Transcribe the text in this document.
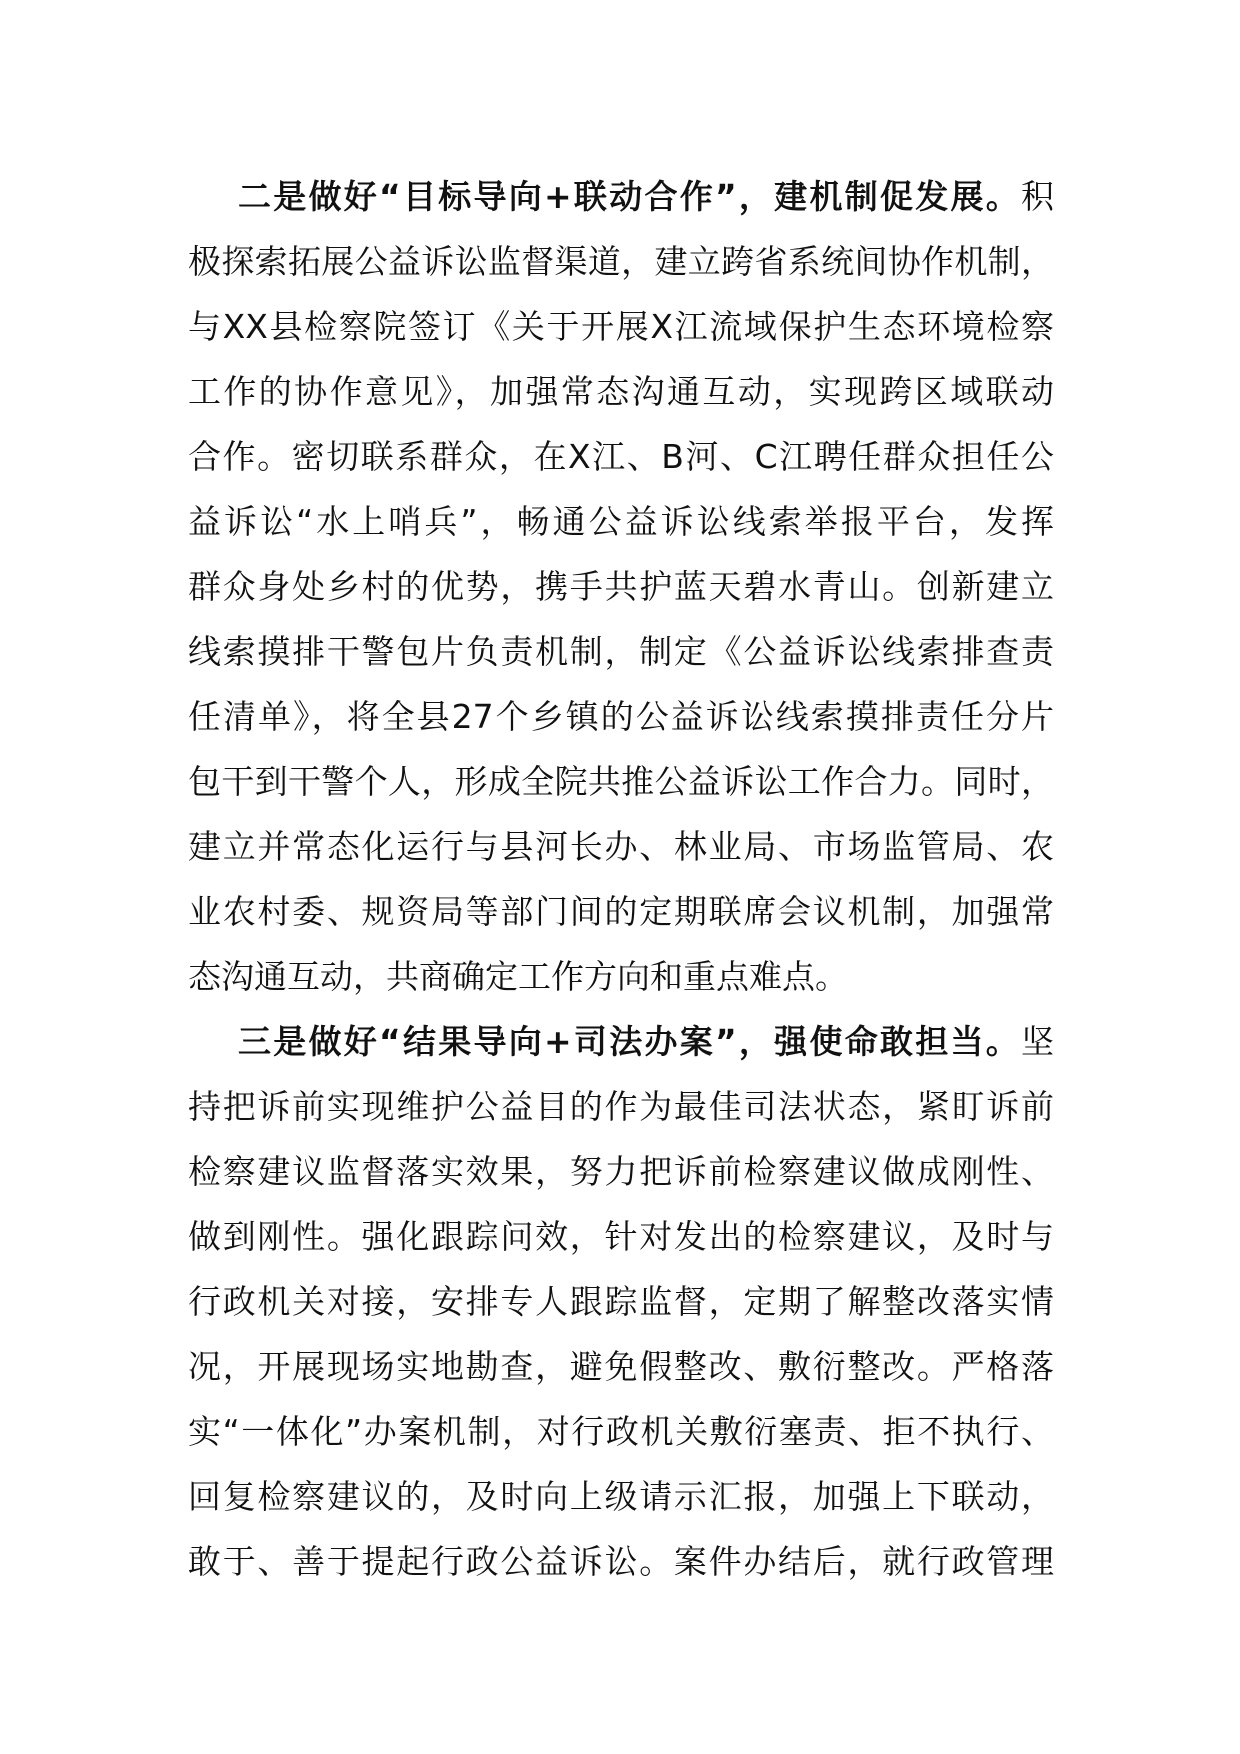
二是做好“目标导向+联动合作”，建机制促发展。积
极探索拓展公益诉讼监督渠道，建立跨省系统间协作机制，
与XX县检察院签订《关于开展X江流域保护生态环境检察
工作的协作意见》，加强常态沟通互动，实现跨区域联动
合作。密切联系群众，在X江、B河、C江聘任群众担任公
益诉讼“水上哨兵”，畅通公益诉讼线索举报平台，发挥
群众身处乡村的优势，携手共护蓝天碧水青山。创新建立
线索摸排干警包片负责机制，制定《公益诉讼线索排查责
任清单》，将全县27个乡镇的公益诉讼线索摸排责任分片
包干到干警个人，形成全院共推公益诉讼工作合力。同时，
建立并常态化运行与县河长办、林业局、市场监管局、农
业农村委、规资局等部门间的定期联席会议机制，加强常
态沟通互动，共商确定工作方向和重点难点。
三是做好“结果导向+司法办案”，强使命敢担当。坚
持把诉前实现维护公益目的作为最佳司法状态，紧盯诉前
检察建议监督落实效果，努力把诉前检察建议做成刚性、
做到刚性。强化跟踪问效，针对发出的检察建议，及时与
行政机关对接，安排专人跟踪监督，定期了解整改落实情
况，开展现场实地勘查，避免假整改、敷衍整改。严格落
实“一体化”办案机制，对行政机关敷衍塞责、拒不执行、
回复检察建议的，及时向上级请示汇报，加强上下联动，
敢于、善于提起行政公益诉讼。案件办结后，就行政管理
